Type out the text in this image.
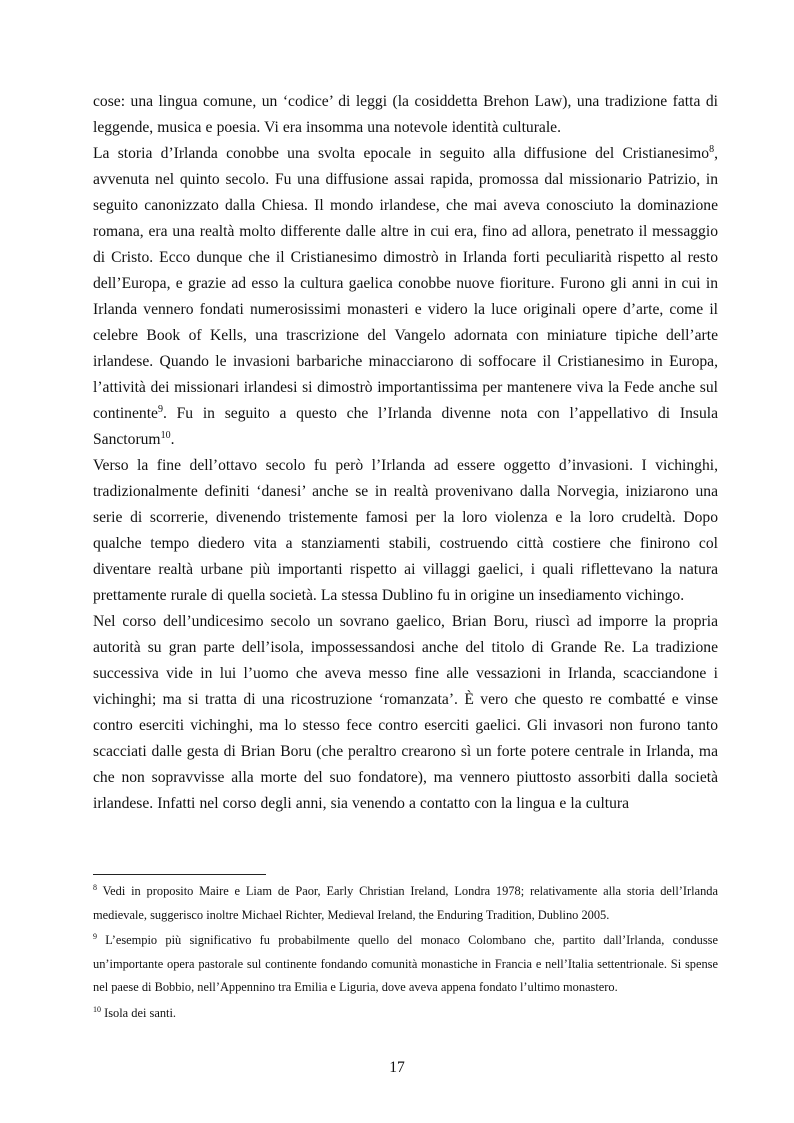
cose: una lingua comune, un ‘codice’ di leggi (la cosiddetta Brehon Law), una tradizione fatta di leggende, musica e poesia. Vi era insomma una notevole identità culturale.

La storia d’Irlanda conobbe una svolta epocale in seguito alla diffusione del Cristianesimo$^8$, avvenuta nel quinto secolo. Fu una diffusione assai rapida, promossa dal missionario Patrizio, in seguito canonizzato dalla Chiesa. Il mondo irlandese, che mai aveva conosciuto la dominazione romana, era una realtà molto differente dalle altre in cui era, fino ad allora, penetrato il messaggio di Cristo. Ecco dunque che il Cristianesimo dimostrò in Irlanda forti peculiarità rispetto al resto dell’Europa, e grazie ad esso la cultura gaelica conobbe nuove fioriture. Furono gli anni in cui in Irlanda vennero fondati numerosissimi monasteri e videro la luce originali opere d’arte, come il celebre Book of Kells, una trascrizione del Vangelo adornata con miniature tipiche dell’arte irlandese. Quando le invasioni barbariche minacciarono di soffocare il Cristianesimo in Europa, l’attività dei missionari irlandesi si dimostrò importantissima per mantenere viva la Fede anche sul continente$^9$. Fu in seguito a questo che l’Irlanda divenne nota con l’appellativo di Insula Sanctorum$^{10}$.

Verso la fine dell’ottavo secolo fu però l’Irlanda ad essere oggetto d’invasioni. I vichinghi, tradizionalmente definiti ‘danesi’ anche se in realtà provenivano dalla Norvegia, iniziarono una serie di scorrerie, divenendo tristemente famosi per la loro violenza e la loro crudeltà. Dopo qualche tempo diedero vita a stanziamenti stabili, costruendo città costiere che finirono col diventare realtà urbane più importanti rispetto ai villaggi gaelici, i quali riflettevano la natura prettamente rurale di quella società. La stessa Dublino fu in origine un insediamento vichingo.

Nel corso dell’undicesimo secolo un sovrano gaelico, Brian Boru, riuscì ad imporre la propria autorità su gran parte dell’isola, impossessandosi anche del titolo di Grande Re. La tradizione successiva vide in lui l’uomo che aveva messo fine alle vessazioni in Irlanda, scacciandone i vichinghi; ma si tratta di una ricostruzione ‘romanzata’. È vero che questo re combatté e vinse contro eserciti vichinghi, ma lo stesso fece contro eserciti gaelici. Gli invasori non furono tanto scacciati dalle gesta di Brian Boru (che peraltro crearono sì un forte potere centrale in Irlanda, ma che non sopravvisse alla morte del suo fondatore), ma vennero piuttosto assorbiti dalla società irlandese. Infatti nel corso degli anni, sia venendo a contatto con la lingua e la cultura

$^8$ Vedi in proposito Maire e Liam de Paor, Early Christian Ireland, Londra 1978; relativamente alla storia dell’Irlanda medievale, suggerisco inoltre Michael Richter, Medieval Ireland, the Enduring Tradition, Dublino 2005.

$^9$ L’esempio più significativo fu probabilmente quello del monaco Colombano che, partito dall’Irlanda, condusse un’importante opera pastorale sul continente fondando comunità monastiche in Francia e nell’Italia settentrionale. Si spense nel paese di Bobbio, nell’Appennino tra Emilia e Liguria, dove aveva appena fondato l’ultimo monastero.

$^{10}$ Isola dei santi.

17
